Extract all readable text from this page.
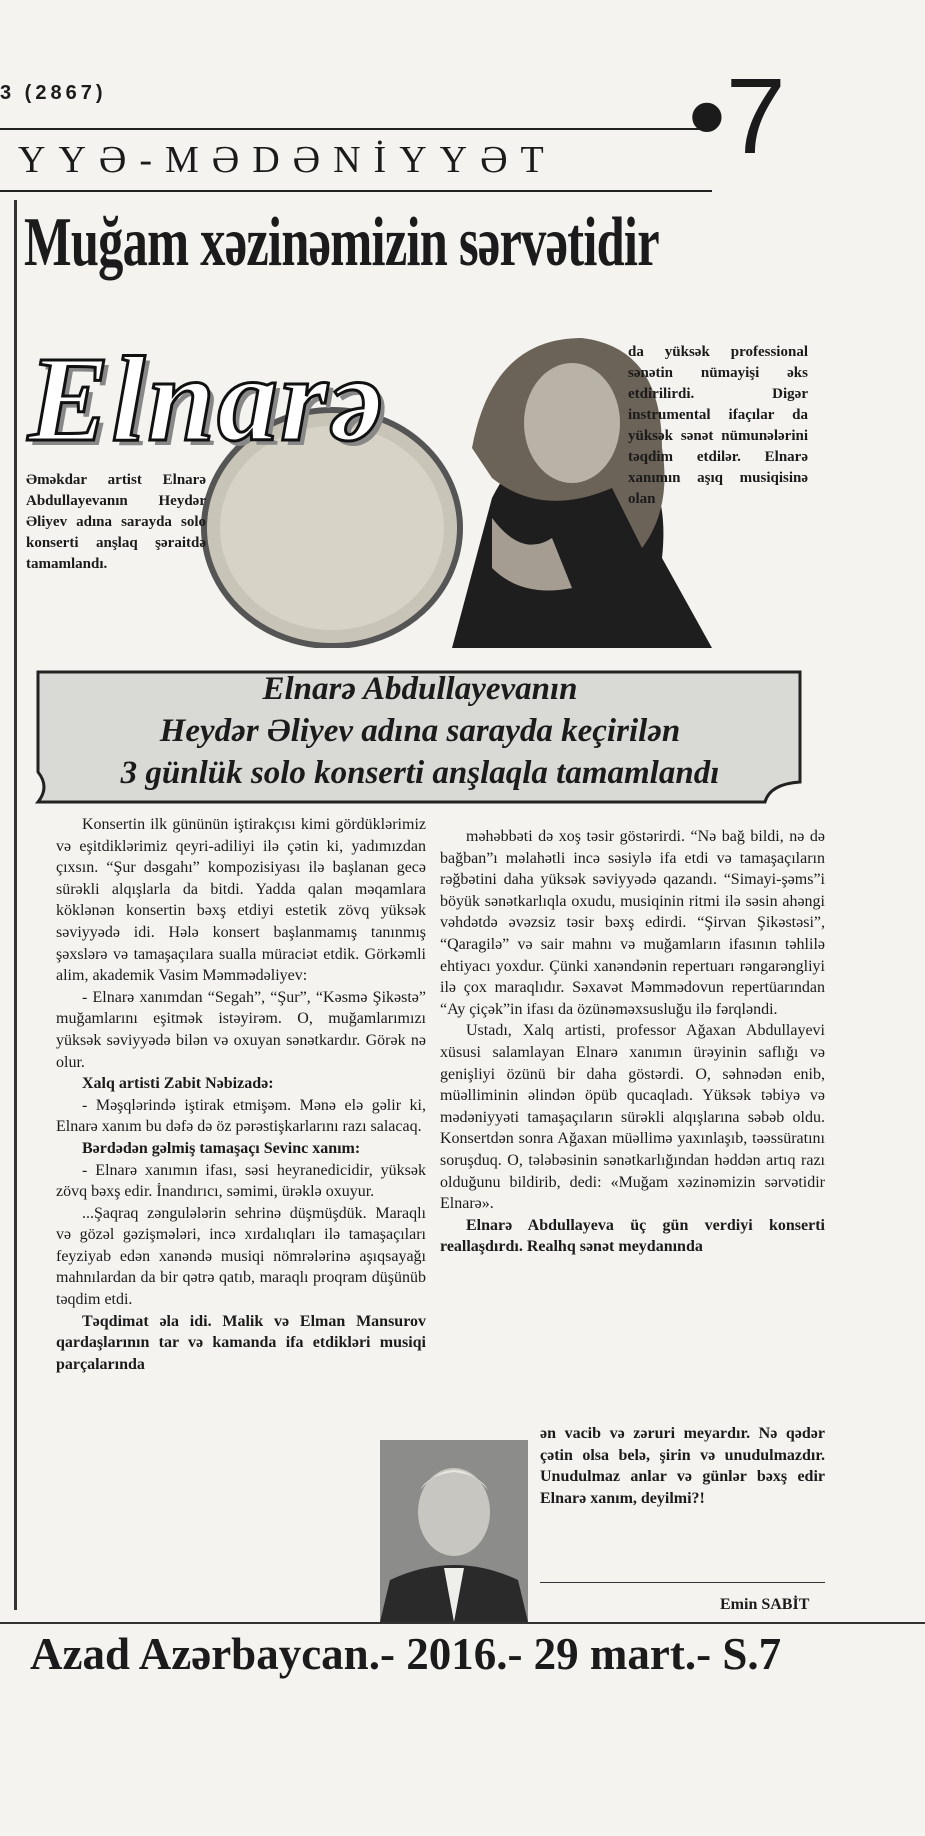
3 (2867)
YYƏ-MƏDƏNİYYƏT •7
Muğam xəzinəmizin sərvətidir
Elnarə
Əməkdar artist Elnarə Abdullayevanın Heydər Əliyev adına sarayda solo konserti anşlaq şəraitdə tamamlandı.
da yüksək professional sənətin nümayişi əks etdirilirdi. Digər instrumental ifaçılar da yüksək sənət nümunələrini təqdim etdilər. Elnarə xanımın aşıq musiqisinə olan
Elnarə Abdullayevanın
Heydər Əliyev adına sarayda keçirilən
3 günlük solo konserti anşlaqla tamamlandı

Konsertin ilk gününün iştirakçısı kimi gördüklərimiz və eşitdiklərimiz qeyri-adiliyi ilə çətin ki, yadımızdan çıxsın. “Şur dəsgahı” kompozisiyası ilə başlanan gecə sürəkli alqışlarla da bitdi. Yadda qalan məqamlara köklənən konsertin bəxş etdiyi estetik zövq yüksək səviyyədə idi. Hələ konsert başlanmamış tanınmış şəxslərə və tamaşaçılara sualla müraciət etdik. Görkəmli alim, akademik Vasim Məmmədəliyev:

- Elnarə xanımdan “Segah”, “Şur”, “Kəsmə Şikəstə” muğamlarını eşitmək istəyirəm. O, muğamlarımızı yüksək səviyyədə bilən və oxuyan sənətkardır. Görək nə olur.

Xalq artisti Zabit Nəbizadə:

- Məşqlərində iştirak etmişəm. Mənə elə gəlir ki, Elnarə xanım bu dəfə də öz pərəstişkarlarını razı salacaq.

Bərdədən gəlmiş tamaşaçı Sevinc xanım:

- Elnarə xanımın ifası, səsi heyranedicidir, yüksək zövq bəxş edir. İnandırıcı, səmimi, ürəklə oxuyur.

...Şaqraq zəngulələrin sehrinə düşmüşdük. Maraqlı və gözəl gəzişmələri, incə xırdalıqları ilə tamaşaçıları feyziyab edən xanəndə musiqi nömrələrinə aşıqsayağı mahnılardan da bir qətrə qatıb, maraqlı proqram düşünüb təqdim etdi.

Təqdimat əla idi. Malik və Elman Mansurov qardaşlarının tar və kamanda ifa etdikləri musiqi parçalarında

məhəbbəti də xoş təsir göstərirdi. “Nə bağ bildi, nə də bağban”ı məlahətli incə səsiylə ifa etdi və tamaşaçıların rəğbətini daha yüksək səviyyədə qazandı. “Simayi-şəms”i böyük sənətkarlıqla oxudu, musiqinin ritmi ilə səsin ahəngi vəhdətdə əvəzsiz təsir bəxş edirdi. “Şirvan Şikəstəsi”, “Qaragilə” və sair mahnı və muğamların ifasının təhlilə ehtiyacı yoxdur. Çünki xanəndənin repertuarı rəngarəngliyi ilə çox maraqlıdır. Səxavət Məmmədovun repertüarından “Ay çiçək”in ifası da özünəməxsusluğu ilə fərqləndi.

Ustadı, Xalq artisti, professor Ağaxan Abdullayevi xüsusi salamlayan Elnarə xanımın ürəyinin saflığı və genişliyi özünü bir daha göstərdi. O, səhnədən enib, müəlliminin əlindən öpüb qucaqladı. Yüksək təbiyə və mədəniyyəti tamaşaçıların sürəkli alqışlarına səbəb oldu. Konsertdən sonra Ağaxan müəllimə yaxınlaşıb, təəssüratını soruşduq. O, tələbəsinin sənətkarlığından həddən artıq razı olduğunu bildirib, dedi: «Muğam xəzinəmizin sərvətidir Elnarə».

Elnarə Abdullayeva üç gün verdiyi konserti reallaşdırdı. Realhq sənət meydanında

ən vacib və zəruri meyardır. Nə qədər çətin olsa belə, şirin və unudulmazdır. Unudulmaz anlar və günlər bəxş edir Elnarə xanım, deyilmi?!

Emin SABİT
Azad Azərbaycan.- 2016.- 29 mart.- S.7
